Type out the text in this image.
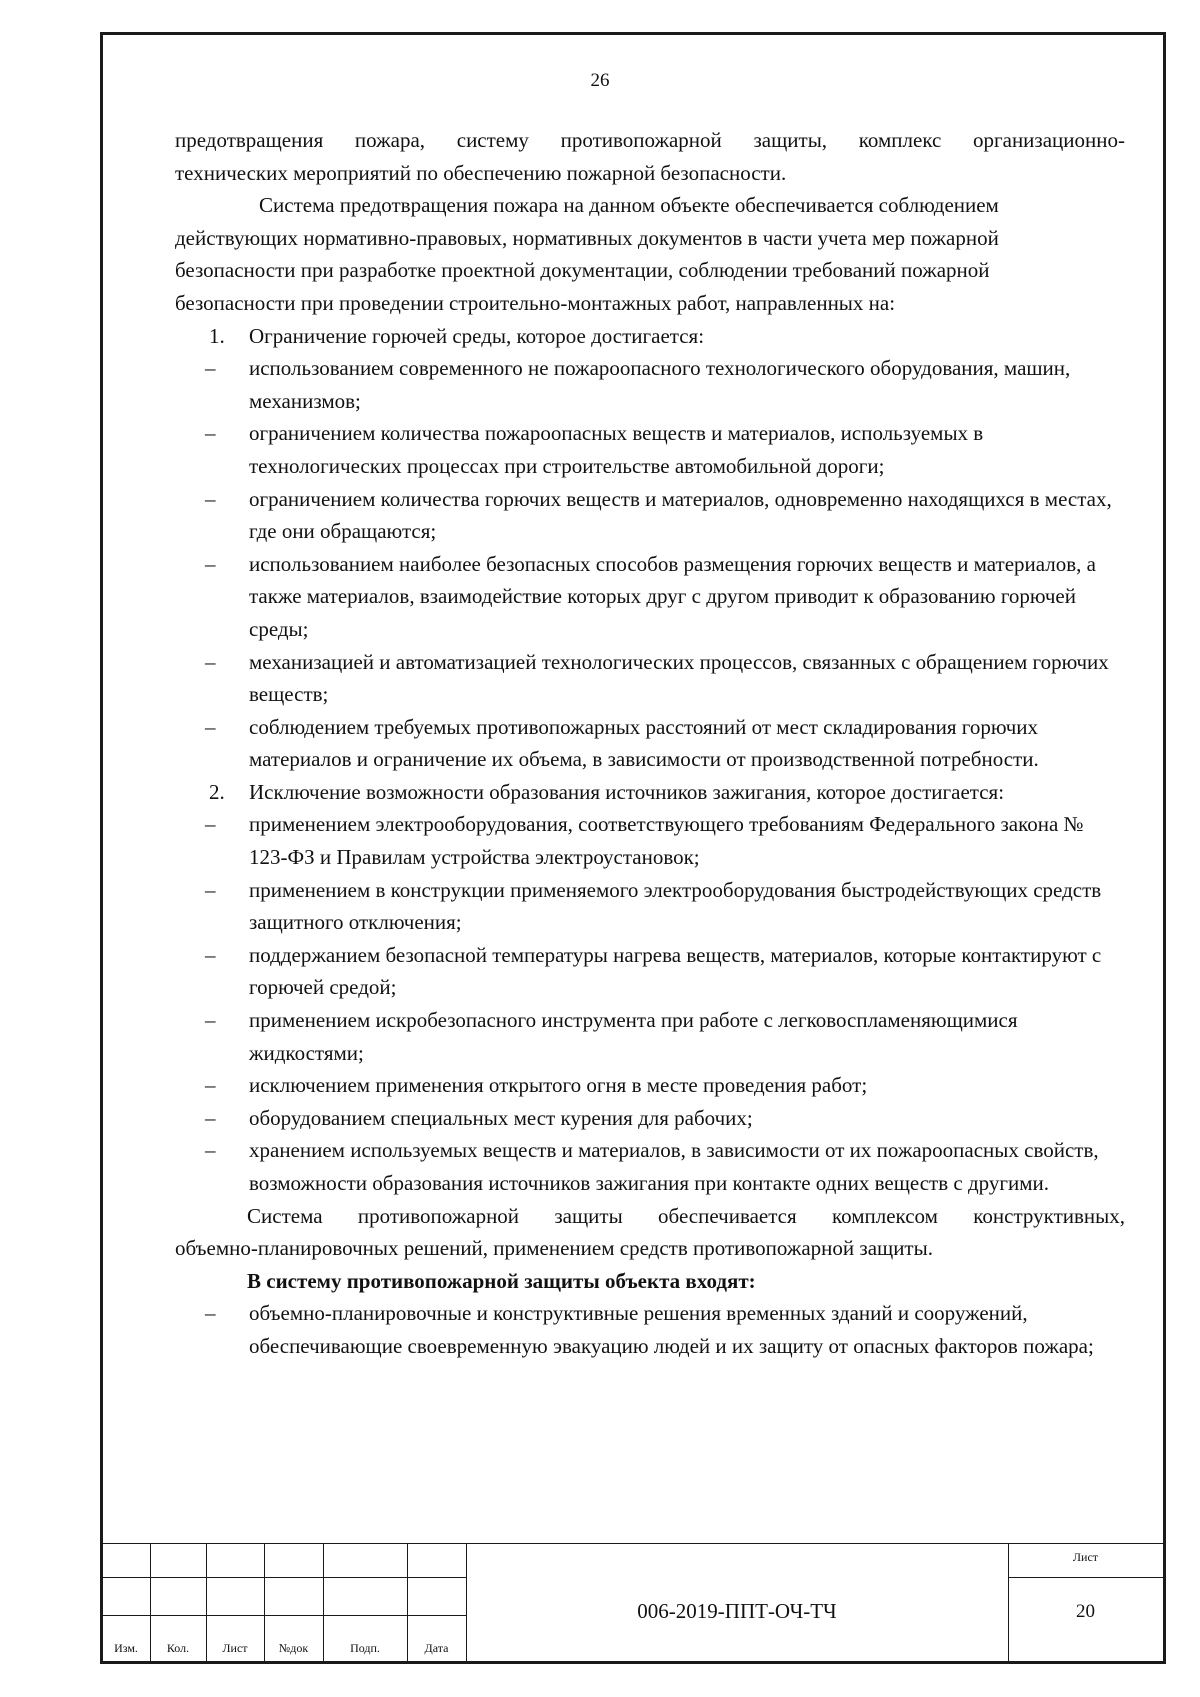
26

предотвращения пожара, систему противопожарной защиты, комплекс организационно-

технических мероприятий по обеспечению пожарной безопасности.

Система предотвращения пожара на данном объекте обеспечивается соблюдением

действующих нормативно-правовых, нормативных документов в части учета мер пожарной

безопасности при разработке проектной документации, соблюдении требований пожарной

безопасности при проведении строительно-монтажных работ, направленных на:

1. Ограничение горючей среды, которое достигается:
– использованием современного не пожароопасного технологического оборудования, машин, механизмов;
– ограничением количества пожароопасных веществ и материалов, используемых в технологических процессах при строительстве автомобильной дороги;
– ограничением количества горючих веществ и материалов, одновременно находящихся в местах, где они обращаются;
– использованием наиболее безопасных способов размещения горючих веществ и материалов, а также материалов, взаимодействие которых друг с другом приводит к образованию горючей среды;
– механизацией и автоматизацией технологических процессов, связанных с обращением горючих веществ;
– соблюдением требуемых противопожарных расстояний от мест складирования горючих материалов и ограничение их объема, в зависимости от производственной потребности.
2. Исключение возможности образования источников зажигания, которое достигается:
– применением электрооборудования, соответствующего требованиям Федерального закона № 123-ФЗ и Правилам устройства электроустановок;
– применением в конструкции применяемого электрооборудования быстродействующих средств защитного отключения;
– поддержанием безопасной температуры нагрева веществ, материалов, которые контактируют с горючей средой;
– применением искробезопасного инструмента при работе с легковоспламеняющимися жидкостями;
– исключением применения открытого огня в месте проведения работ;
– оборудованием специальных мест курения для рабочих;
– хранением используемых веществ и материалов, в зависимости от их пожароопасных свойств, возможности образования источников зажигания при контакте одних веществ с другими.

Система противопожарной защиты обеспечивается комплексом конструктивных,

объемно-планировочных решений, применением средств противопожарной защиты.

В систему противопожарной защиты объекта входят:

– объемно-планировочные и конструктивные решения временных зданий и сооружений, обеспечивающие своевременную эвакуацию людей и их защиту от опасных факторов пожара;
Изм.	Кол.	Лист	№док	Подп.	Дата
006-2019-ППТ-ОЧ-ТЧ
Лист
20
